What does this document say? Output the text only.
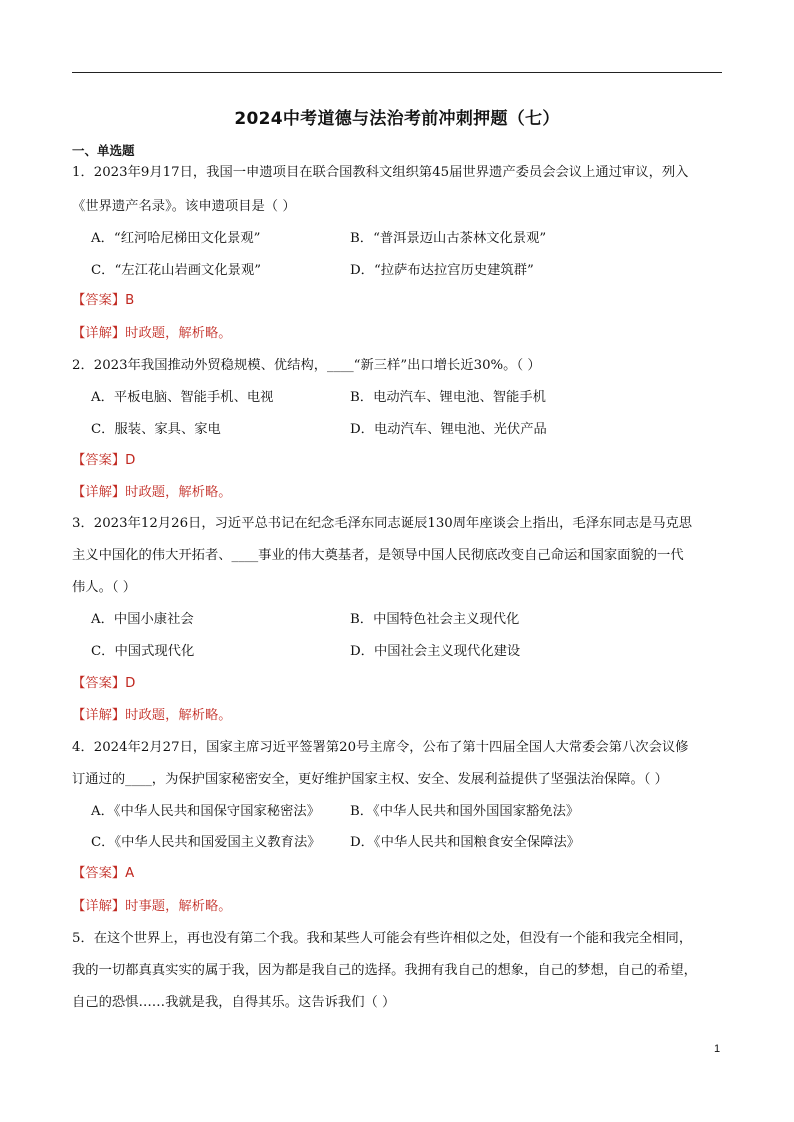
2024中考道德与法治考前冲刺押题（七）
一、单选题
1．2023年9月17日，我国一申遗项目在联合国教科文组织第45届世界遗产委员会会议上通过审议，列入
《世界遗产名录》。该申遗项目是（ ）
A．“红河哈尼梯田文化景观”	B．“普洱景迈山古茶林文化景观”
C．“左江花山岩画文化景观”	D．“拉萨布达拉宫历史建筑群”
【答案】B
【详解】时政题，解析略。
2．2023年我国推动外贸稳规模、优结构，____“新三样”出口增长近30%。（ ）
A．平板电脑、智能手机、电视	B．电动汽车、锂电池、智能手机
C．服装、家具、家电	D．电动汽车、锂电池、光伏产品
【答案】D
【详解】时政题，解析略。
3．2023年12月26日，习近平总书记在纪念毛泽东同志诞辰130周年座谈会上指出，毛泽东同志是马克思
主义中国化的伟大开拓者、____事业的伟大奠基者，是领导中国人民彻底改变自己命运和国家面貌的一代
伟人。（ ）
A．中国小康社会	B．中国特色社会主义现代化
C．中国式现代化	D．中国社会主义现代化建设
【答案】D
【详解】时政题，解析略。
4．2024年2月27日，国家主席习近平签署第20号主席令，公布了第十四届全国人大常委会第八次会议修
订通过的____，为保护国家秘密安全，更好维护国家主权、安全、发展利益提供了坚强法治保障。（ ）
A．《中华人民共和国保守国家秘密法》 B．《中华人民共和国外国国家豁免法》
C．《中华人民共和国爱国主义教育法》 D．《中华人民共和国粮食安全保障法》
【答案】A
【详解】时事题，解析略。
5．在这个世界上，再也没有第二个我。我和某些人可能会有些许相似之处，但没有一个能和我完全相同，
我的一切都真真实实的属于我，因为都是我自己的选择。我拥有我自己的想象，自己的梦想，自己的希望，
自己的恐惧……我就是我，自得其乐。这告诉我们（ ）
1
